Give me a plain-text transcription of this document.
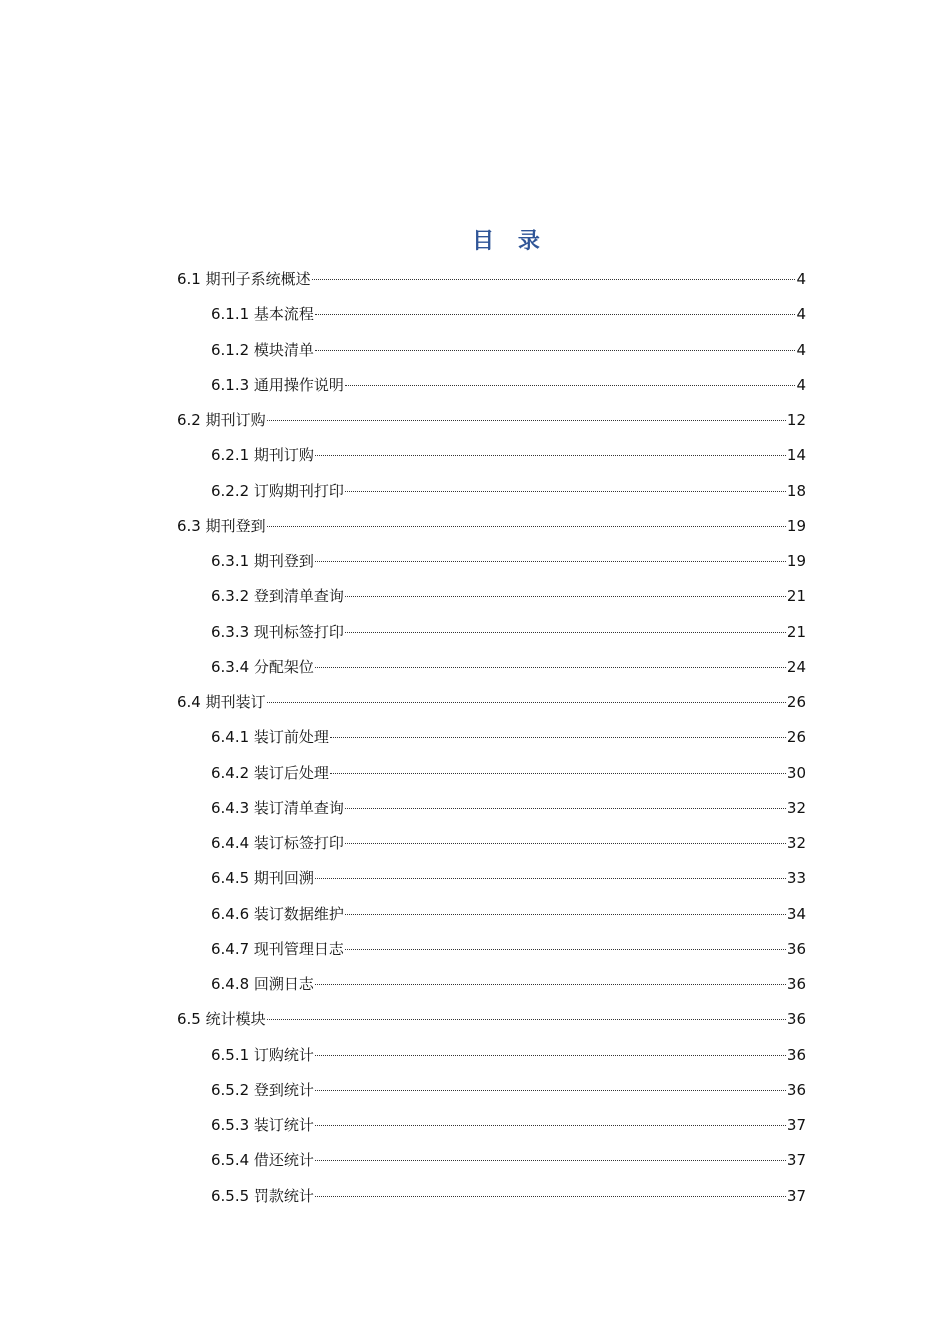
目 录
6.1 期刊子系统概述	4
6.1.1 基本流程	4
6.1.2 模块清单	4
6.1.3 通用操作说明	4
6.2 期刊订购	12
6.2.1 期刊订购	14
6.2.2 订购期刊打印	18
6.3 期刊登到	19
6.3.1 期刊登到	19
6.3.2 登到清单查询	21
6.3.3 现刊标签打印	21
6.3.4 分配架位	24
6.4 期刊装订	26
6.4.1 装订前处理	26
6.4.2 装订后处理	30
6.4.3 装订清单查询	32
6.4.4 装订标签打印	32
6.4.5 期刊回溯	33
6.4.6 装订数据维护	34
6.4.7 现刊管理日志	36
6.4.8 回溯日志	36
6.5 统计模块	36
6.5.1 订购统计	36
6.5.2 登到统计	36
6.5.3 装订统计	37
6.5.4 借还统计	37
6.5.5 罚款统计	37
